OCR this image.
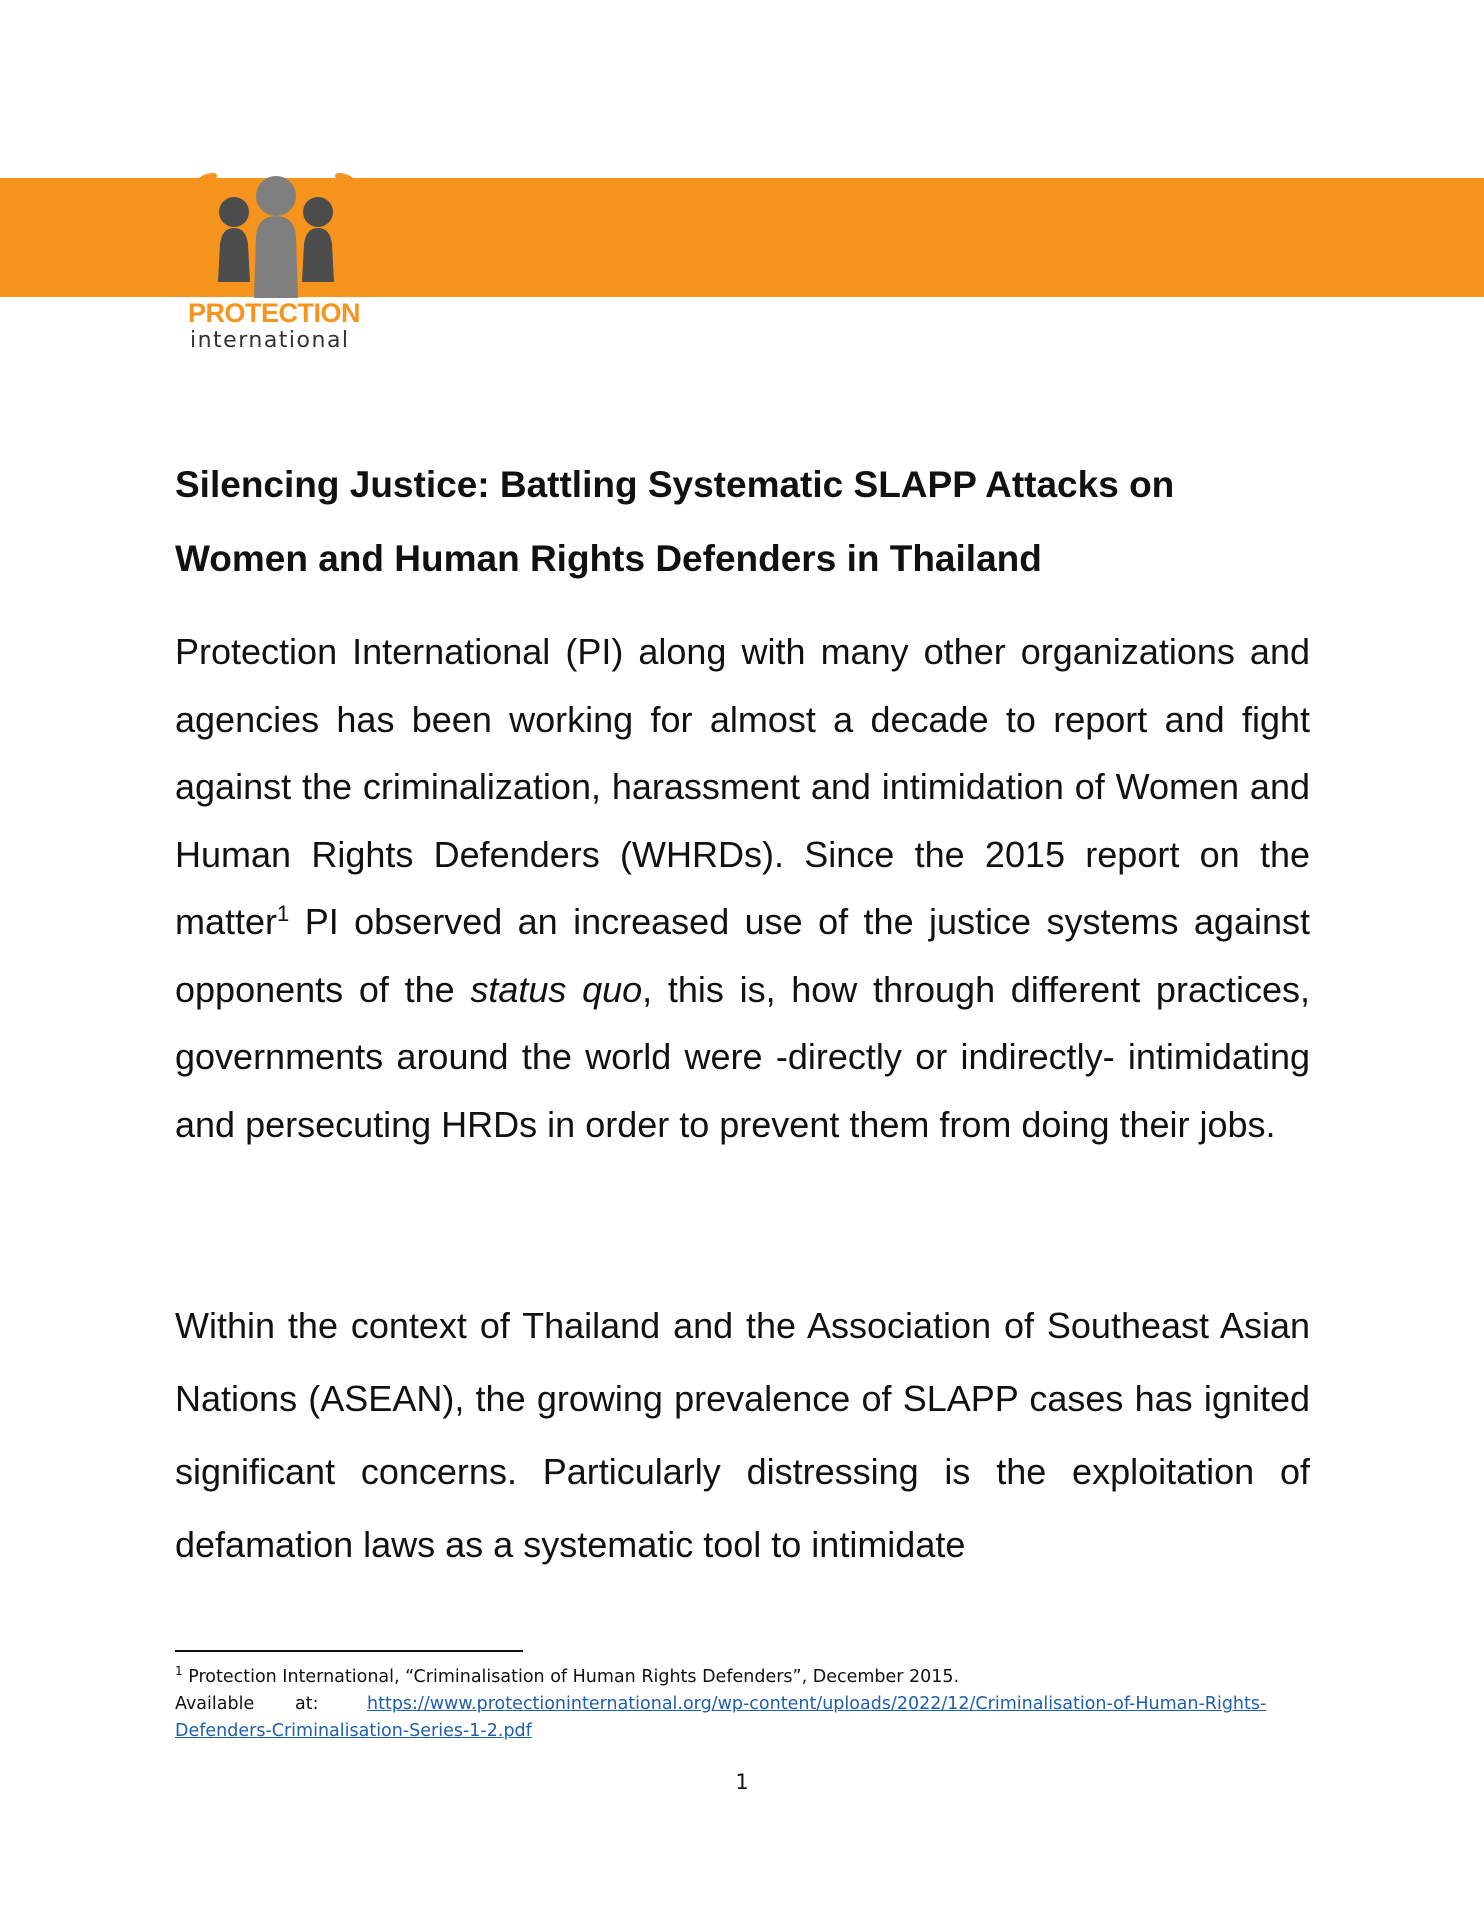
PROTECTION
international
Silencing Justice: Battling Systematic SLAPP Attacks on Women and Human Rights Defenders in Thailand

Protection International (PI) along with many other organizations and agencies has been working for almost a decade to report and fight against the criminalization, harassment and intimidation of Women and Human Rights Defenders (WHRDs). Since the 2015 report on the matter$^1$ PI observed an increased use of the justice systems against opponents of the status quo, this is, how through different practices, governments around the world were -directly or indirectly- intimidating and persecuting HRDs in order to prevent them from doing their jobs.

Within the context of Thailand and the Association of Southeast Asian Nations (ASEAN), the growing prevalence of SLAPP cases has ignited significant concerns. Particularly distressing is the exploitation of defamation laws as a systematic tool to intimidate

$^1$ Protection International, “Criminalisation of Human Rights Defenders”, December 2015.
Available at:	https://www.protectioninternational.org/wp-content/uploads/2022/12/Criminalisation-of-Human-Rights-Defenders-Criminalisation-Series-1-2.pdf
1
